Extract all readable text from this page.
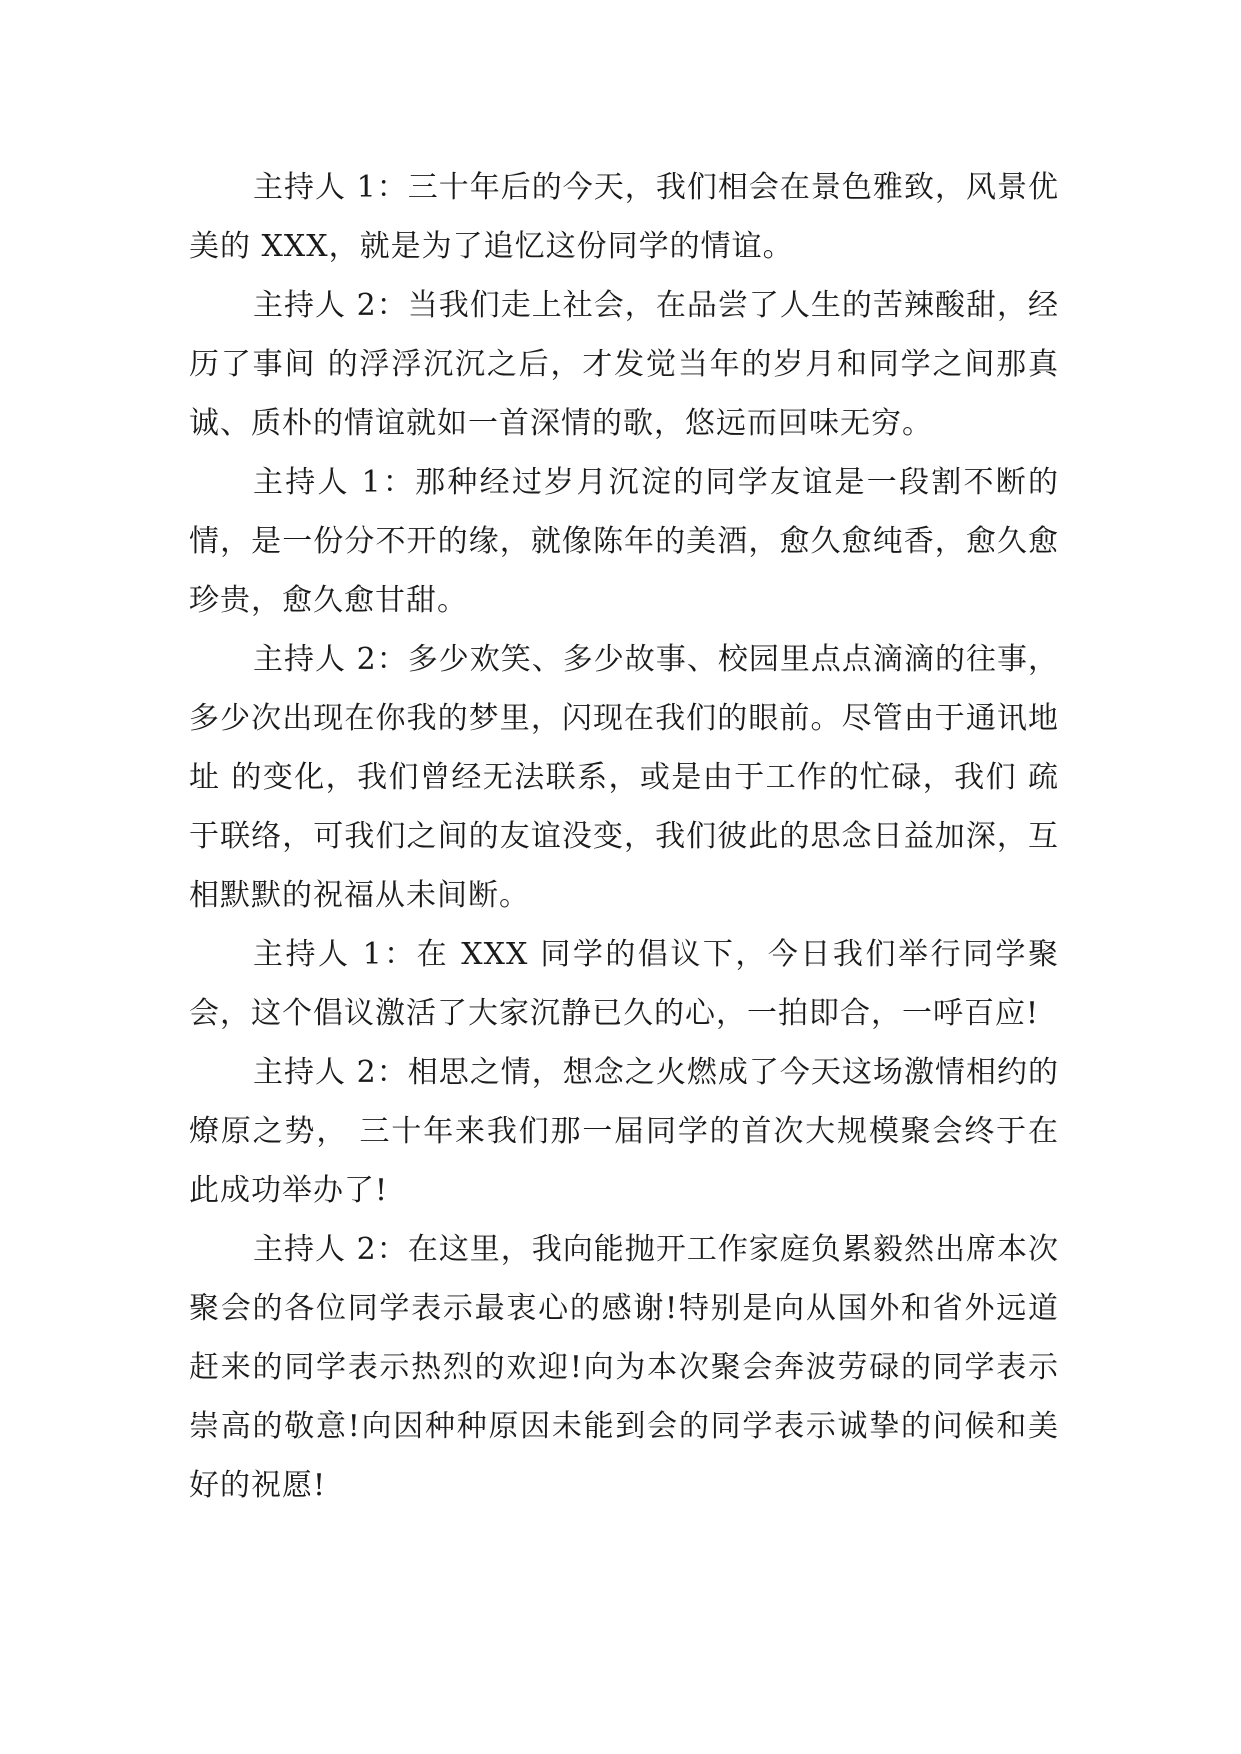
主持人 1：三十年后的今天，我们相会在景色雅致，风景优美的 XXX，就是为了追忆这份同学的情谊。

主持人 2：当我们走上社会，在品尝了人生的苦辣酸甜，经历了事间 的浮浮沉沉之后，才发觉当年的岁月和同学之间那真诚、质朴的情谊就如一首深情的歌，悠远而回味无穷。

主持人 1：那种经过岁月沉淀的同学友谊是一段割不断的情，是一份分不开的缘，就像陈年的美酒，愈久愈纯香，愈久愈珍贵，愈久愈甘甜。

主持人 2：多少欢笑、多少故事、校园里点点滴滴的往事，多少次出现在你我的梦里，闪现在我们的眼前。尽管由于通讯地址 的变化，我们曾经无法联系，或是由于工作的忙碌，我们 疏于联络，可我们之间的友谊没变，我们彼此的思念日益加深，互相默默的祝福从未间断。

主持人 1：在 XXX 同学的倡议下，今日我们举行同学聚会，这个倡议激活了大家沉静已久的心，一拍即合，一呼百应!

主持人 2：相思之情，想念之火燃成了今天这场激情相约的燎原之势， 三十年来我们那一届同学的首次大规模聚会终于在此成功举办了!

主持人 2：在这里，我向能抛开工作家庭负累毅然出席本次聚会的各位同学表示最衷心的感谢!特别是向从国外和省外远道赶来的同学表示热烈的欢迎!向为本次聚会奔波劳碌的同学表示崇高的敬意!向因种种原因未能到会的同学表示诚挚的问候和美好的祝愿!
